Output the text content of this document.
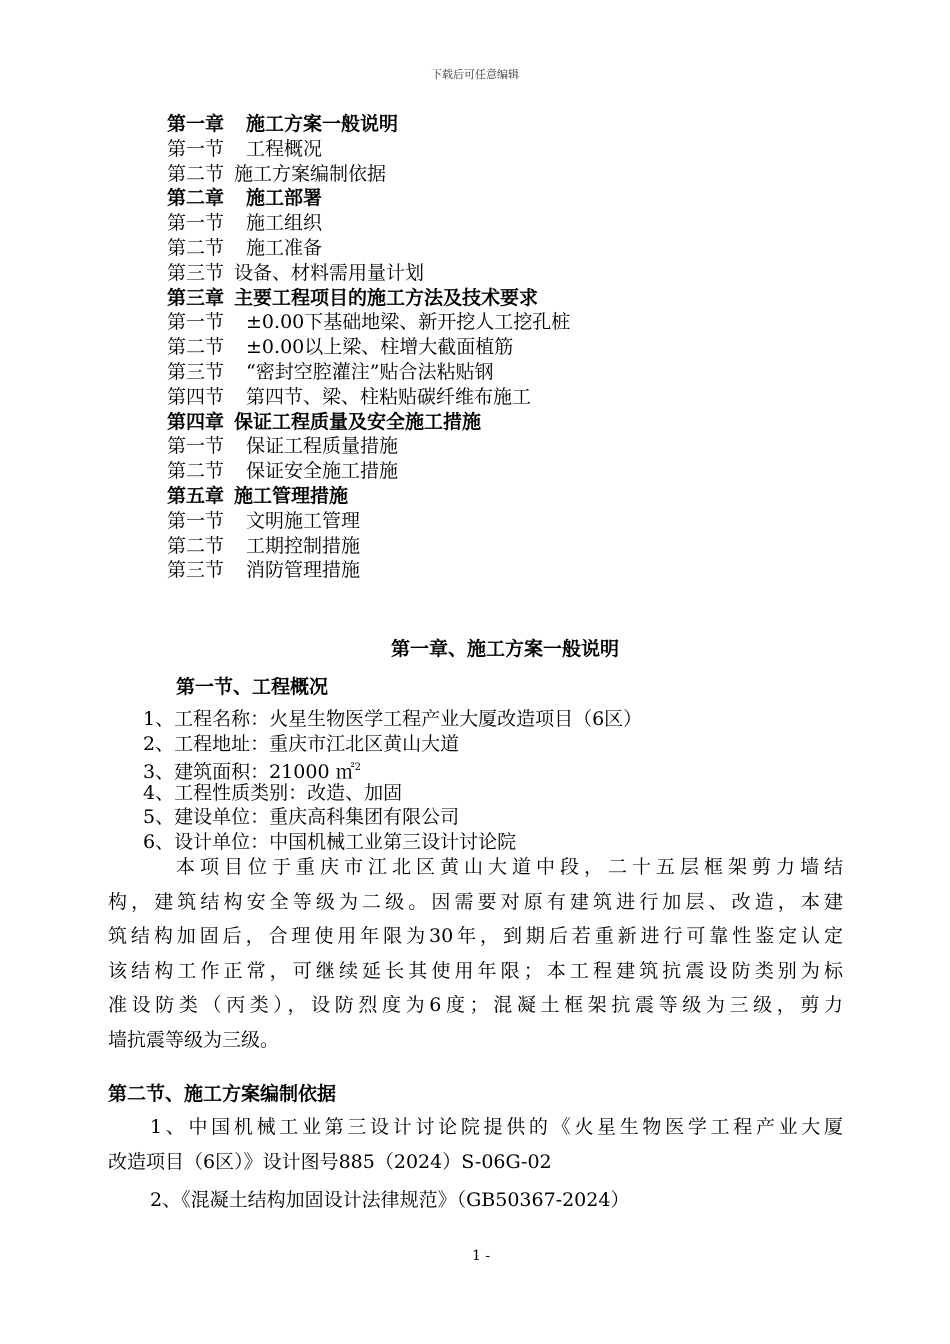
下载后可任意编辑
第一章 施工方案一般说明
第一节 工程概况
第二节 施工方案编制依据
第二章 施工部署
第一节 施工组织
第二节 施工准备
第三节 设备、材料需用量计划
第三章 主要工程项目的施工方法及技术要求
第一节 ±0.00下基础地梁、新开挖人工挖孔桩
第二节 ±0.00以上梁、柱增大截面植筋
第三节 “密封空腔灌注”贴合法粘贴钢
第四节 第四节、梁、柱粘贴碳纤维布施工
第四章 保证工程质量及安全施工措施
第一节 保证工程质量措施
第二节 保证安全施工措施
第五章 施工管理措施
第一节 文明施工管理
第二节 工期控制措施
第三节 消防管理措施
第一章、施工方案一般说明
第一节、工程概况
1、工程名称：火星生物医学工程产业大厦改造项目（6区）
2、工程地址：重庆市江北区黄山大道
3、建筑面积：21000 ㎡$^2$
4、工程性质类别：改造、加固
5、建设单位：重庆高科集团有限公司
6、设计单位：中国机械工业第三设计讨论院
本项目位于重庆市江北区黄山大道中段，二十五层框架剪力墙结
构，建筑结构安全等级为二级。因需要对原有建筑进行加层、改造，本建
筑结构加固后，合理使用年限为30年，到期后若重新进行可靠性鉴定认定
该结构工作正常，可继续延长其使用年限；本工程建筑抗震设防类别为标
准设防类（丙类），设防烈度为6度；混凝土框架抗震等级为三级，剪力
墙抗震等级为三级。
第二节、施工方案编制依据
1、中国机械工业第三设计讨论院提供的《火星生物医学工程产业大厦
改造项目（6区）》设计图号885（2024）S-06G-02
2、《混凝土结构加固设计法律规范》（GB50367-2024）
1 -
